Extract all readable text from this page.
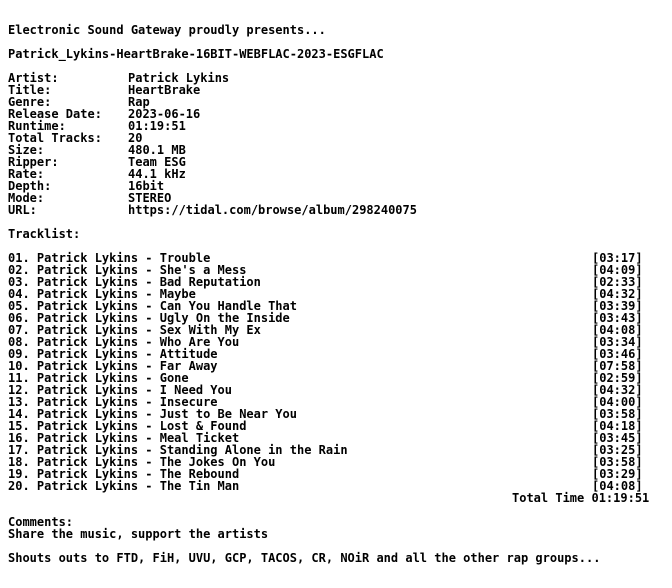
Electronic Sound Gateway proudly presents...
Patrick_Lykins-HeartBrake-16BIT-WEBFLAC-2023-ESGFLAC
Artist:	Patrick Lykins
Title:	HeartBrake
Genre:	Rap
Release Date: 2023-06-16
Runtime:	01:19:51
Total Tracks: 20
Size:	480.1 MB
Ripper:	Team ESG
Rate:	44.1 kHz
Depth:	16bit
Mode:	STEREO
URL:	https://tidal.com/browse/album/298240075
Tracklist:
01. Patrick Lykins - Trouble	[03:17]
02. Patrick Lykins - She's a Mess	[04:09]
03. Patrick Lykins - Bad Reputation	[02:33]
04. Patrick Lykins - Maybe	[04:32]
05. Patrick Lykins - Can You Handle That	[03:39]
06. Patrick Lykins - Ugly On the Inside	[03:43]
07. Patrick Lykins - Sex With My Ex	[04:08]
08. Patrick Lykins - Who Are You	[03:34]
09. Patrick Lykins - Attitude	[03:46]
10. Patrick Lykins - Far Away	[07:58]
11. Patrick Lykins - Gone	[02:59]
12. Patrick Lykins - I Need You	[04:32]
13. Patrick Lykins - Insecure	[04:00]
14. Patrick Lykins - Just to Be Near You	[03:58]
15. Patrick Lykins - Lost & Found	[04:18]
16. Patrick Lykins - Meal Ticket	[03:45]
17. Patrick Lykins - Standing Alone in the Rain	[03:25]
18. Patrick Lykins - The Jokes On You	[03:58]
19. Patrick Lykins - The Rebound	[03:29]
20. Patrick Lykins - The Tin Man	[04:08]
Total Time 01:19:51
Comments:
Share the music, support the artists
Shouts outs to FTD, FiH, UVU, GCP, TACOS, CR, NOiR and all the other rap groups...
